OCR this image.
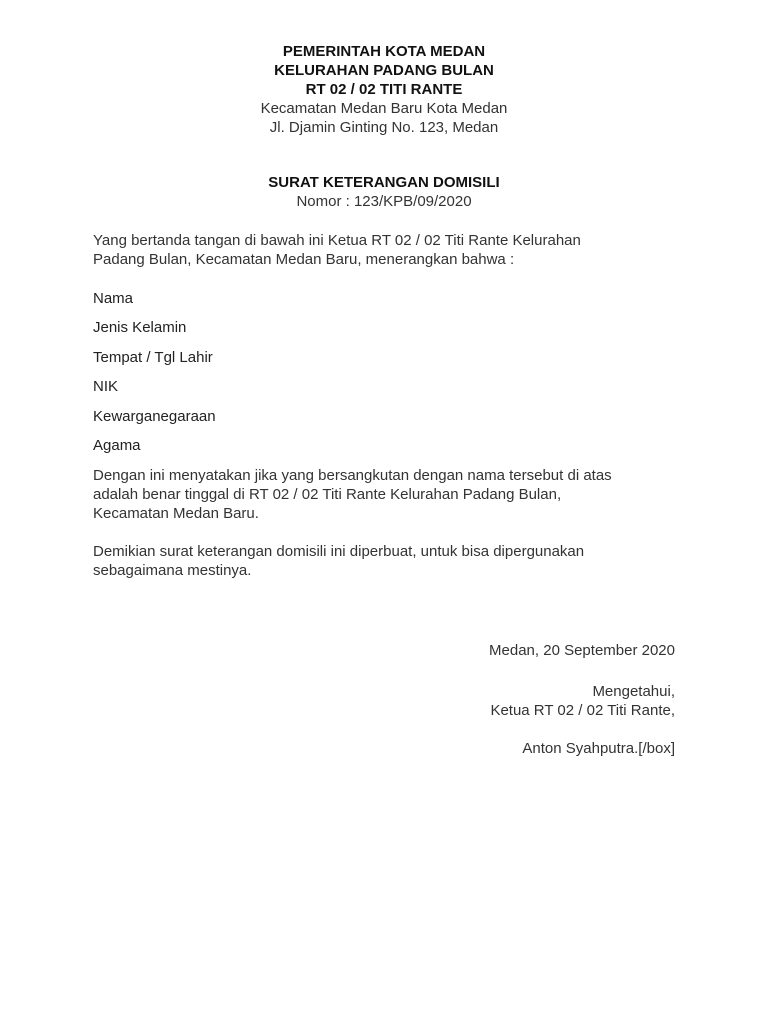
PEMERINTAH KOTA MEDAN
KELURAHAN PADANG BULAN
RT 02 / 02 TITI RANTE
Kecamatan Medan Baru Kota Medan
Jl. Djamin Ginting No. 123, Medan
SURAT KETERANGAN DOMISILI
Nomor : 123/KPB/09/2020
Yang bertanda tangan di bawah ini Ketua RT 02 / 02 Titi Rante Kelurahan
Padang Bulan, Kecamatan Medan Baru, menerangkan bahwa :
Nama
Jenis Kelamin
Tempat / Tgl Lahir
NIK
Kewarganegaraan
Agama
Dengan ini menyatakan jika yang bersangkutan dengan nama tersebut di atas
adalah benar tinggal di RT 02 / 02 Titi Rante Kelurahan Padang Bulan,
Kecamatan Medan Baru.
Demikian surat keterangan domisili ini diperbuat, untuk bisa dipergunakan
sebagaimana mestinya.
Medan, 20 September 2020
Mengetahui,
Ketua RT 02 / 02 Titi Rante,
Anton Syahputra.[/box]
